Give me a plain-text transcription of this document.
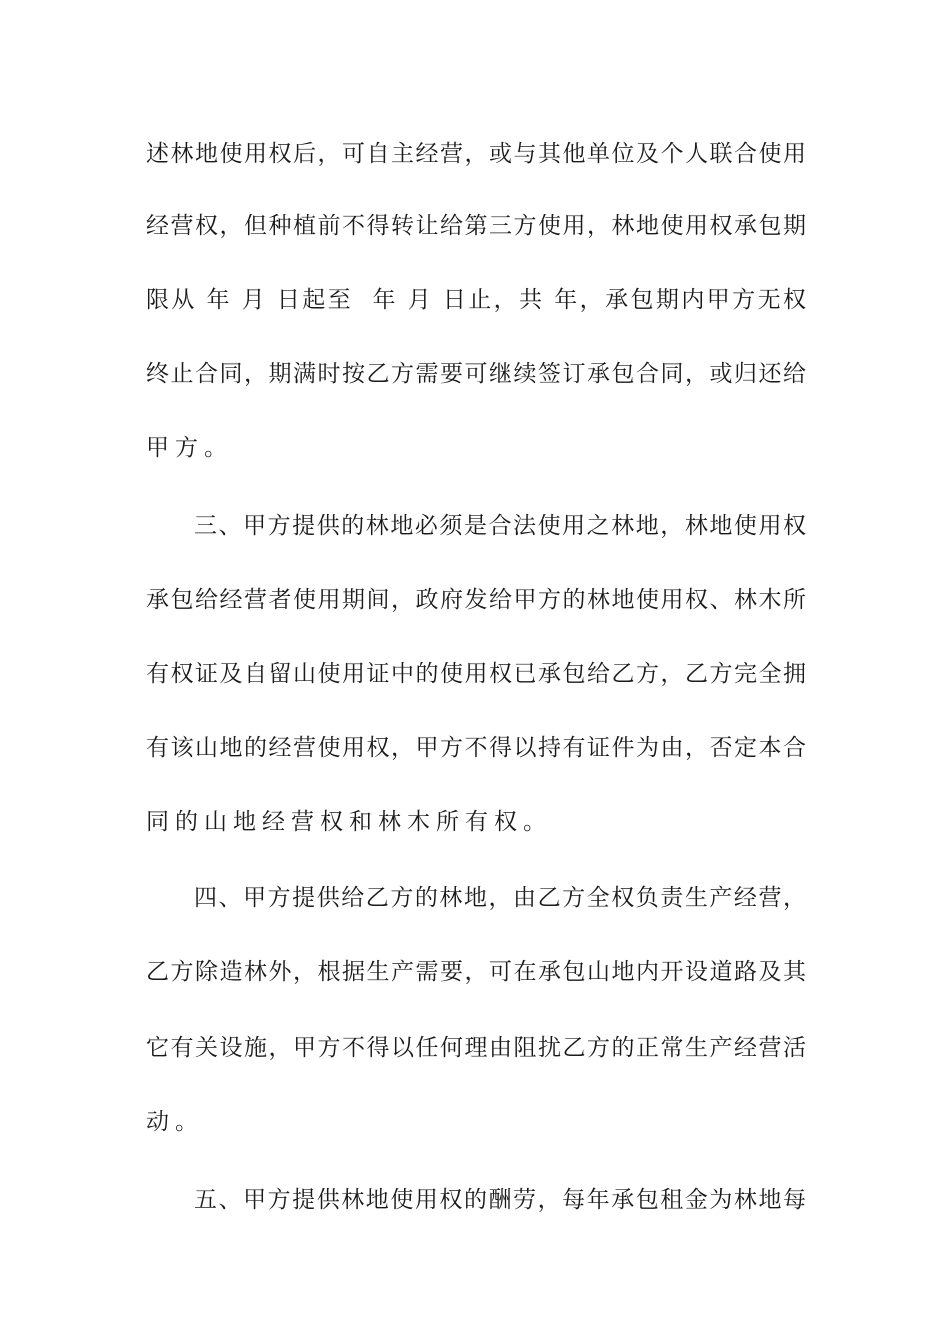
述林地使用权后，可自主经营，或与其他单位及个人联合使用
经营权，但种植前不得转让给第三方使用，林地使用权承包期
限从 年 月 日起至  年 月 日止，共 年，承包期内甲方无权
终止合同，期满时按乙方需要可继续签订承包合同，或归还给
甲方。
三、甲方提供的林地必须是合法使用之林地，林地使用权
承包给经营者使用期间，政府发给甲方的林地使用权、林木所
有权证及自留山使用证中的使用权已承包给乙方，乙方完全拥
有该山地的经营使用权，甲方不得以持有证件为由，否定本合
同的山地经营权和林木所有权。
四、甲方提供给乙方的林地，由乙方全权负责生产经营，
乙方除造林外，根据生产需要，可在承包山地内开设道路及其
它有关设施，甲方不得以任何理由阻扰乙方的正常生产经营活
动。
五、甲方提供林地使用权的酬劳，每年承包租金为林地每
